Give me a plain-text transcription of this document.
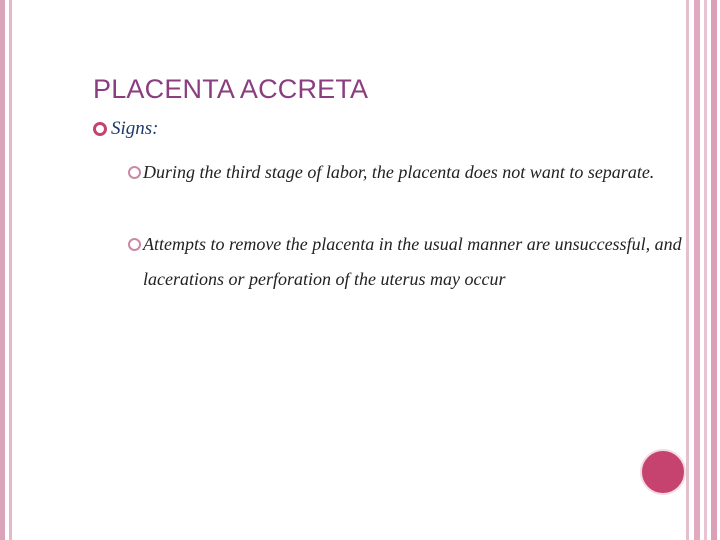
PLACENTA ACCRETA
Signs:
During the third stage of labor, the placenta does not want to separate.
Attempts to remove the placenta in the usual manner are unsuccessful, and lacerations or perforation of the uterus may occur
